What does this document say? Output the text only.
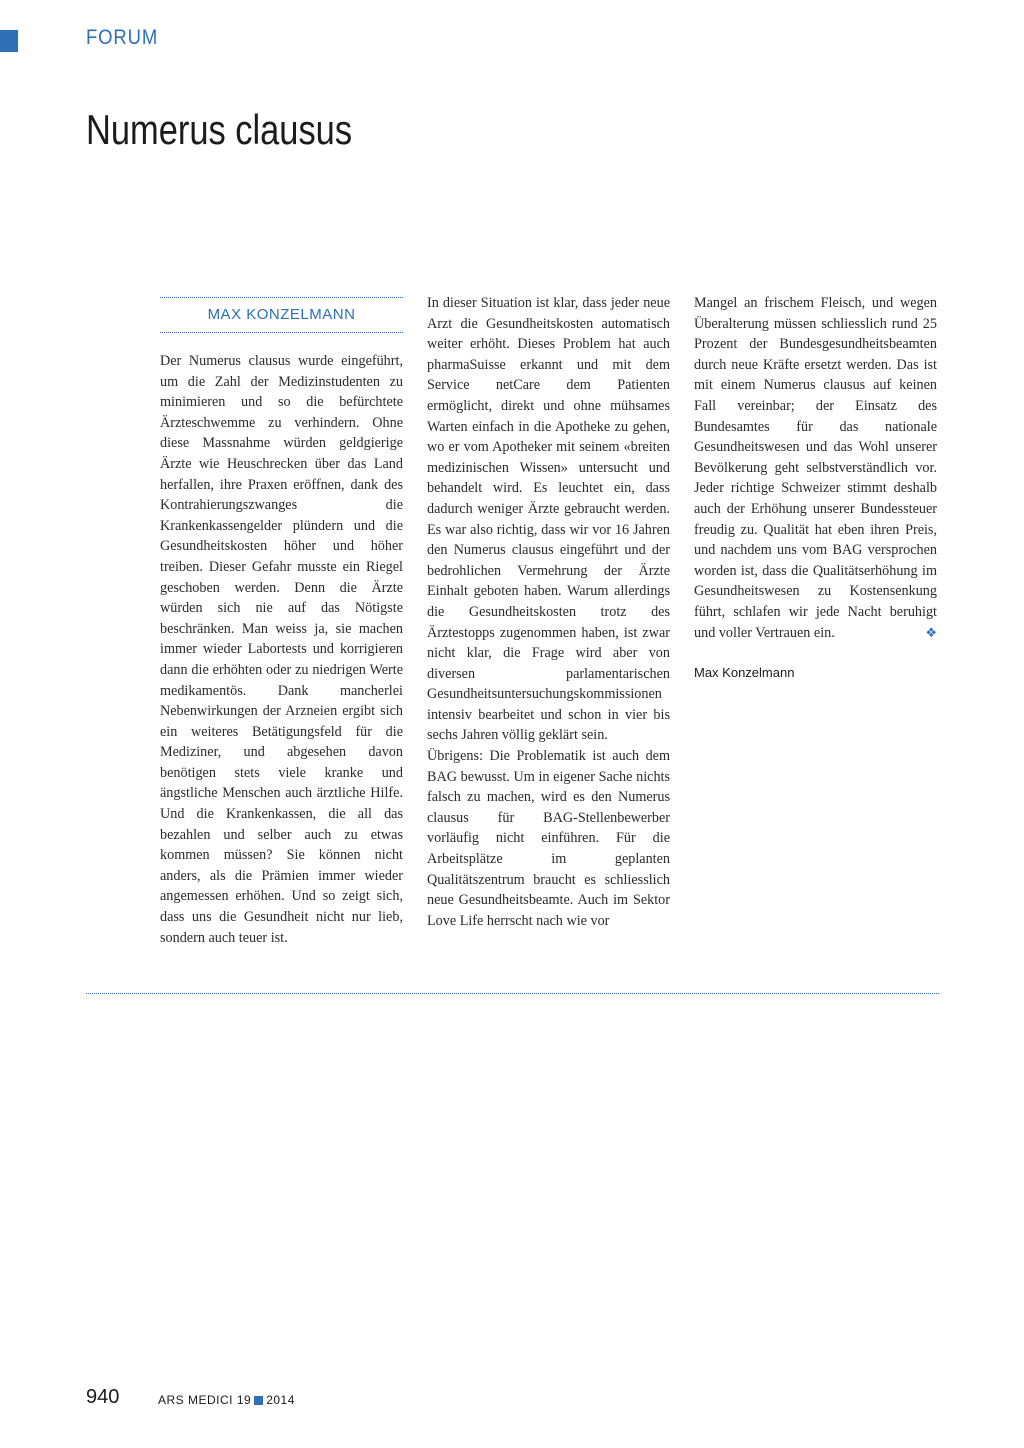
FORUM
Numerus clausus
MAX KONZELMANN

Der Numerus clausus wurde eingeführt, um die Zahl der Medizinstudenten zu minimieren und so die befürchtete Ärzteschwemme zu verhindern. Ohne diese Massnahme würden geldgierige Ärzte wie Heuschrecken über das Land herfallen, ihre Praxen eröffnen, dank des Kontrahierungszwanges die Krankenkassengelder plündern und die Gesundheitskosten höher und höher treiben. Dieser Gefahr musste ein Riegel geschoben werden. Denn die Ärzte würden sich nie auf das Nötigste beschränken. Man weiss ja, sie machen immer wieder Labortests und korrigieren dann die erhöhten oder zu niedrigen Werte medikamentös. Dank mancherlei Nebenwirkungen der Arzneien ergibt sich ein weiteres Betätigungsfeld für die Mediziner, und abgesehen davon benötigen stets viele kranke und ängstliche Menschen auch ärztliche Hilfe. Und die Krankenkassen, die all das bezahlen und selber auch zu etwas kommen müssen? Sie können nicht anders, als die Prämien immer wieder angemessen erhöhen. Und so zeigt sich, dass uns die Gesundheit nicht nur lieb, sondern auch teuer ist.

In dieser Situation ist klar, dass jeder neue Arzt die Gesundheitskosten automatisch weiter erhöht. Dieses Problem hat auch pharmaSuisse erkannt und mit dem Service netCare dem Patienten ermöglicht, direkt und ohne mühsames Warten einfach in die Apotheke zu gehen, wo er vom Apotheker mit seinem «breiten medizinischen Wissen» untersucht und behandelt wird. Es leuchtet ein, dass dadurch weniger Ärzte gebraucht werden. Es war also richtig, dass wir vor 16 Jahren den Numerus clausus eingeführt und der bedrohlichen Vermehrung der Ärzte Einhalt geboten haben. Warum allerdings die Gesundheitskosten trotz des Ärztestopps zugenommen haben, ist zwar nicht klar, die Frage wird aber von diversen parlamentarischen Gesundheitsuntersuchungskommissionen intensiv bearbeitet und schon in vier bis sechs Jahren völlig geklärt sein.

Übrigens: Die Problematik ist auch dem BAG bewusst. Um in eigener Sache nichts falsch zu machen, wird es den Numerus clausus für BAG-Stellenbewerber vorläufig nicht einführen. Für die Arbeitsplätze im geplanten Qualitätszentrum braucht es schliesslich neue Gesundheitsbeamte. Auch im Sektor Love Life herrscht nach wie vor

Mangel an frischem Fleisch, und wegen Überalterung müssen schliesslich rund 25 Prozent der Bundesgesundheitsbeamten durch neue Kräfte ersetzt werden. Das ist mit einem Numerus clausus auf keinen Fall vereinbar; der Einsatz des Bundesamtes für das nationale Gesundheitswesen und das Wohl unserer Bevölkerung geht selbstverständlich vor. Jeder richtige Schweizer stimmt deshalb auch der Erhöhung unserer Bundessteuer freudig zu. Qualität hat eben ihren Preis, und nachdem uns vom BAG versprochen worden ist, dass die Qualitätserhöhung im Gesundheitswesen zu Kostensenkung führt, schlafen wir jede Nacht beruhigt und voller Vertrauen ein.	❖

Max Konzelmann

940	ARS MEDICI 19 2014
